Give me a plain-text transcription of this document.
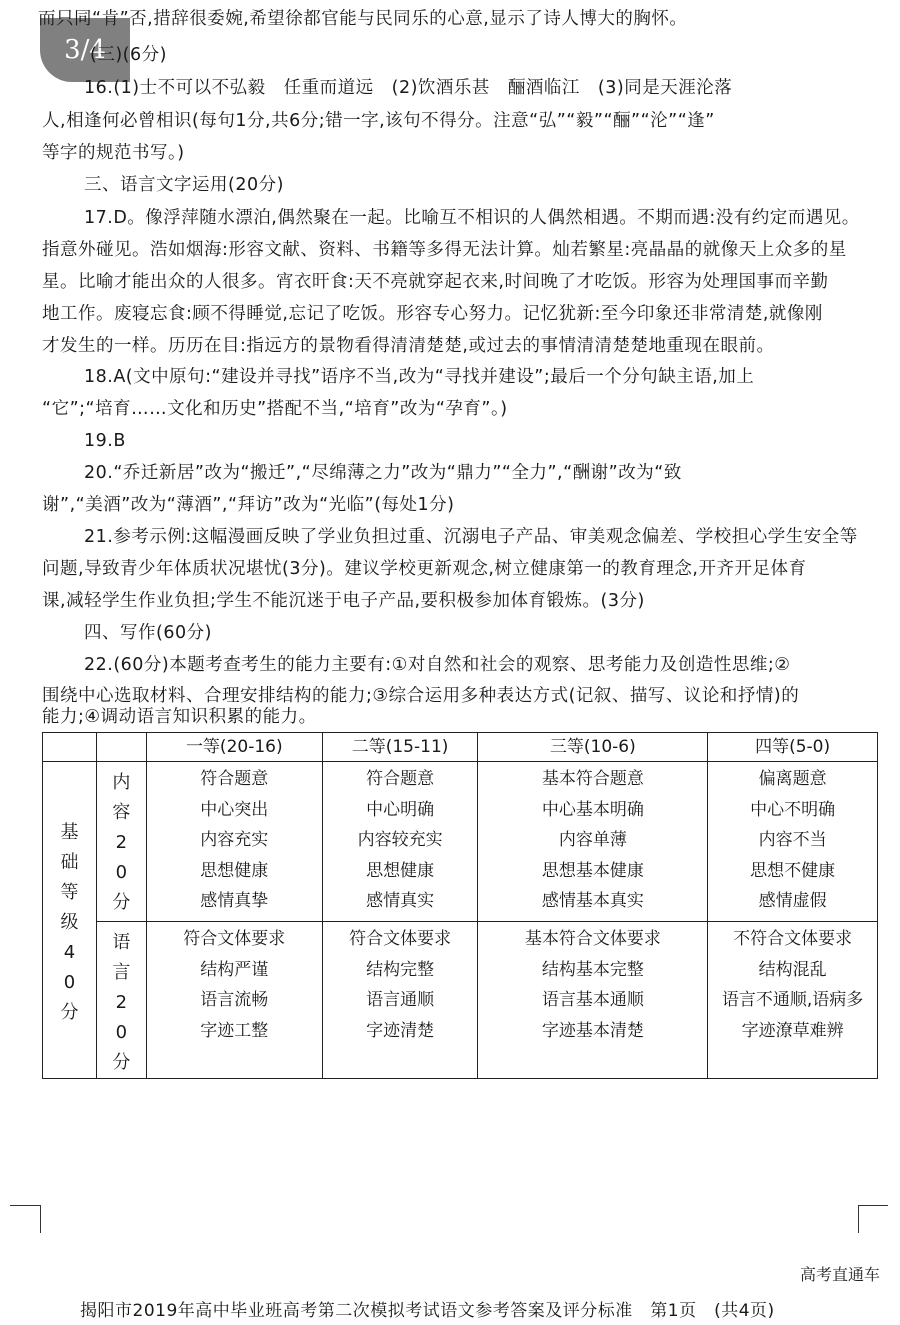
3/4
而只同“肯”否,措辞很委婉,希望徐都官能与民同乐的心意,显示了诗人博大的胸怀。
(三)(6分)
16.(1)士不可以不弘毅　任重而道远　(2)饮酒乐甚　酾酒临江　(3)同是天涯沦落
人,相逢何必曾相识(每句1分,共6分;错一字,该句不得分。注意“弘”“毅”“酾”“沦”“逢”
等字的规范书写。)
三、语言文字运用(20分)
17.D。像浮萍随水漂泊,偶然聚在一起。比喻互不相识的人偶然相遇。不期而遇:没有约定而遇见。
指意外碰见。浩如烟海:形容文献、资料、书籍等多得无法计算。灿若繁星:亮晶晶的就像天上众多的星
星。比喻才能出众的人很多。宵衣旰食:天不亮就穿起衣来,时间晚了才吃饭。形容为处理国事而辛勤
地工作。废寝忘食:顾不得睡觉,忘记了吃饭。形容专心努力。记忆犹新:至今印象还非常清楚,就像刚
才发生的一样。历历在目:指远方的景物看得清清楚楚,或过去的事情清清楚楚地重现在眼前。
18.A(文中原句:“建设并寻找”语序不当,改为“寻找并建设”;最后一个分句缺主语,加上
“它”;“培育……文化和历史”搭配不当,“培育”改为“孕育”。)
19.B
20.“乔迁新居”改为“搬迁”,“尽绵薄之力”改为“鼎力”“全力”,“酬谢”改为“致
谢”,“美酒”改为“薄酒”,“拜访”改为“光临”(每处1分)
21.参考示例:这幅漫画反映了学业负担过重、沉溺电子产品、审美观念偏差、学校担心学生安全等
问题,导致青少年体质状况堪忧(3分)。建议学校更新观念,树立健康第一的教育理念,开齐开足体育
课,减轻学生作业负担;学生不能沉迷于电子产品,要积极参加体育锻炼。(3分)
四、写作(60分)
22.(60分)本题考查考生的能力主要有:①对自然和社会的观察、思考能力及创造性思维;②
围绕中心选取材料、合理安排结构的能力;③综合运用多种表达方式(记叙、描写、议论和抒情)的
能力;④调动语言知识积累的能力。
		一等(20-16)	二等(15-11)	三等(10-6)	四等(5-0)

基础等级40分	内容20分	符合题意
中心突出
内容充实
思想健康
感情真挚	符合题意
中心明确
内容较充实
思想健康
感情真实	基本符合题意
中心基本明确
内容单薄
思想基本健康
感情基本真实	偏离题意
中心不明确
内容不当
思想不健康
感情虚假

	语言20分	符合文体要求
结构严谨
语言流畅
字迹工整	符合文体要求
结构完整
语言通顺
字迹清楚	基本符合文体要求
结构基本完整
语言基本通顺
字迹基本清楚	不符合文体要求
结构混乱
语言不通顺,语病多
字迹潦草难辨
高考直通车
揭阳市2019年高中毕业班高考第二次模拟考试语文参考答案及评分标准　第1页　(共4页)
